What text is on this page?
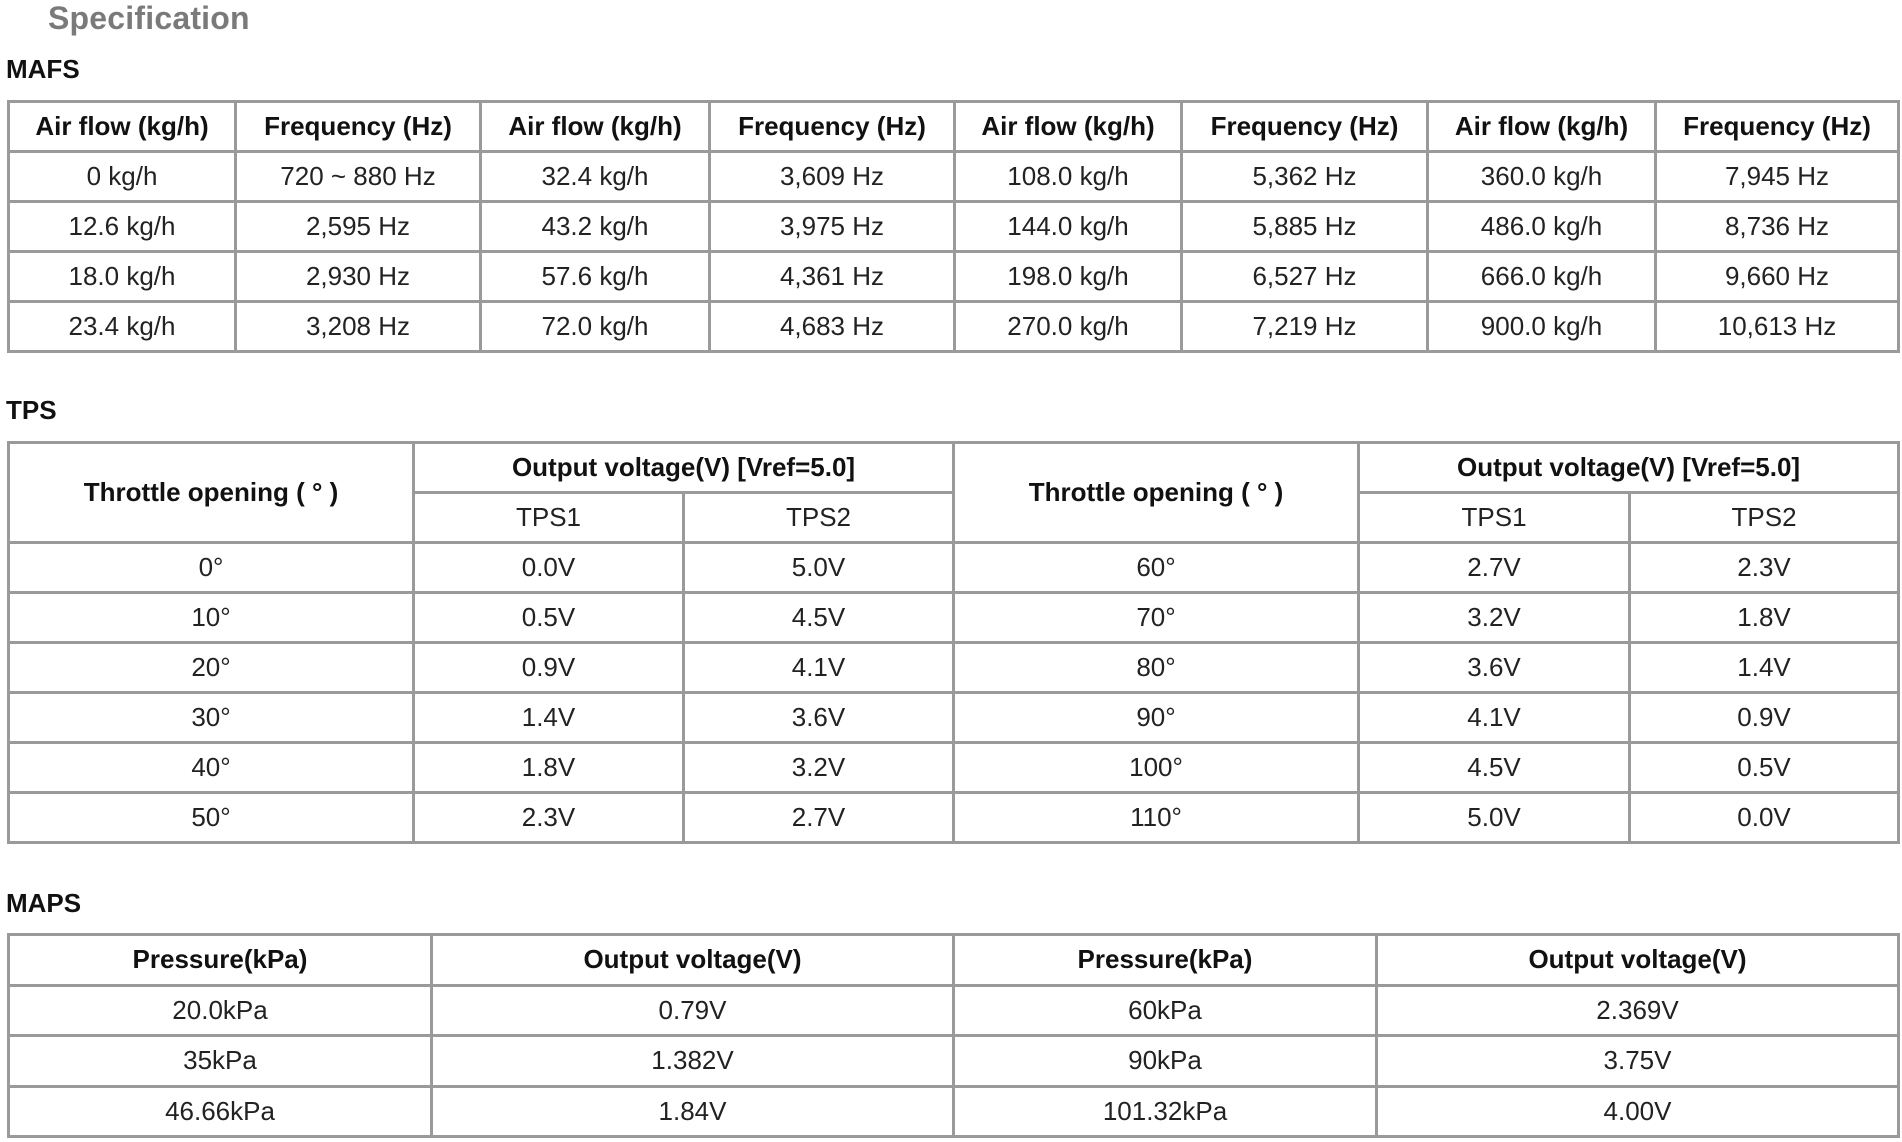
Specification
MAFS
Air flow (kg/h)	Frequency (Hz)	Air flow (kg/h)	Frequency (Hz)	Air flow (kg/h)	Frequency (Hz)	Air flow (kg/h)	Frequency (Hz)
0 kg/h	720 ~ 880 Hz	32.4 kg/h	3,609 Hz	108.0 kg/h	5,362 Hz	360.0 kg/h	7,945 Hz
12.6 kg/h	2,595 Hz	43.2 kg/h	3,975 Hz	144.0 kg/h	5,885 Hz	486.0 kg/h	8,736 Hz
18.0 kg/h	2,930 Hz	57.6 kg/h	4,361 Hz	198.0 kg/h	6,527 Hz	666.0 kg/h	9,660 Hz
23.4 kg/h	3,208 Hz	72.0 kg/h	4,683 Hz	270.0 kg/h	7,219 Hz	900.0 kg/h	10,613 Hz
TPS
Throttle opening ( ° )	Output voltage(V) [Vref=5.0]		Throttle opening ( ° )	Output voltage(V) [Vref=5.0]	
	TPS1	TPS2		TPS1	TPS2
0°	0.0V	5.0V	60°	2.7V	2.3V
10°	0.5V	4.5V	70°	3.2V	1.8V
20°	0.9V	4.1V	80°	3.6V	1.4V
30°	1.4V	3.6V	90°	4.1V	0.9V
40°	1.8V	3.2V	100°	4.5V	0.5V
50°	2.3V	2.7V	110°	5.0V	0.0V
MAPS
Pressure(kPa)	Output voltage(V)	Pressure(kPa)	Output voltage(V)
20.0kPa	0.79V	60kPa	2.369V
35kPa	1.382V	90kPa	3.75V
46.66kPa	1.84V	101.32kPa	4.00V
